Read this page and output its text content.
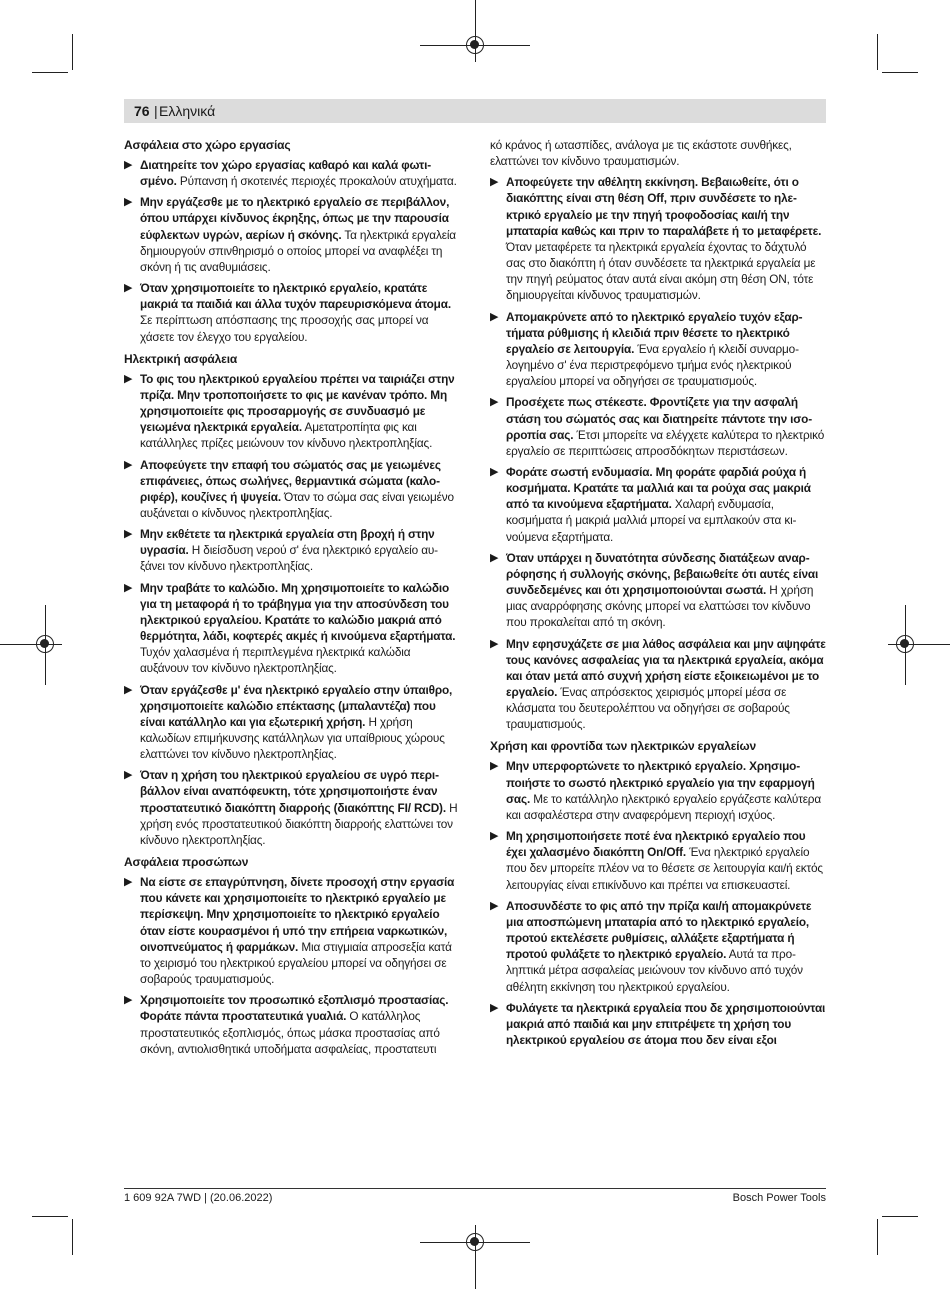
76 | Ελληνικά
Ασφάλεια στο χώρο εργασίας
▶ Διατηρείτε τον χώρο εργασίας καθαρό και καλά φωτισμένο. Ρύπανση ή σκοτεινές περιοχές προκαλούν ατυχήματα.
▶ Μην εργάζεσθε με το ηλεκτρικό εργαλείο σε περιβάλλον, όπου υπάρχει κίνδυνος έκρηξης, όπως με την παρουσία εύφλεκτων υγρών, αερίων ή σκόνης. Τα ηλεκτρικά εργαλεία δημιουργούν σπινθηρισμό ο οποίος μπορεί να αναφλέξει τη σκόνη ή τις αναθυμιάσεις.
▶ Όταν χρησιμοποιείτε το ηλεκτρικό εργαλείο, κρατάτε μακριά τα παιδιά και άλλα τυχόν παρευρισκόμενα άτομα. Σε περίπτωση απόσπασης της προσοχής σας μπορεί να χάσετε τον έλεγχο του εργαλείου.
Ηλεκτρική ασφάλεια
▶ Το φις του ηλεκτρικού εργαλείου πρέπει να ταιριάζει στην πρίζα. Μην τροποποιήσετε το φις με κανέναν τρόπο. Μη χρησιμοποιείτε φις προσαρμογής σε συνδυασμό με γειωμένα ηλεκτρικά εργαλεία. Αμετατροπίητα φις και κατάλληλες πρίζες μειώνουν τον κίνδυνο ηλεκτροπληξίας.
▶ Αποφεύγετε την επαφή του σώματός σας με γειωμένες επιφάνειες, όπως σωλήνες, θερμαντικά σώματα (καλοριφέρ), κουζίνες ή ψυγεία. Όταν το σώμα σας είναι γειωμένο αυξάνεται ο κίνδυνος ηλεκτροπληξίας.
▶ Μην εκθέτετε τα ηλεκτρικά εργαλεία στη βροχή ή στην υγρασία. Η διείσδυση νερού σ' ένα ηλεκτρικό εργαλείο αυξάνει τον κίνδυνο ηλεκτροπληξίας.
▶ Μην τραβάτε το καλώδιο. Μη χρησιμοποιείτε το καλώδιο για τη μεταφορά ή το τράβηγμα για την αποσύνδεση του ηλεκτρικού εργαλείου. Κρατάτε το καλώδιο μακριά από θερμότητα, λάδι, κοφτερές ακμές ή κινούμενα εξαρτήματα. Τυχόν χαλασμένα ή περιπλεγμένα ηλεκτρικά καλώδια αυξάνουν τον κίνδυνο ηλεκτροπληξίας.
▶ Όταν εργάζεσθε μ' ένα ηλεκτρικό εργαλείο στην ύπαιθρο, χρησιμοποιείτε καλώδιο επέκτασης (μπαλαντέζα) που είναι κατάλληλο και για εξωτερική χρήση. Η χρήση καλωδίων επιμήκυνσης κατάλληλων για υπαίθριους χώρους ελαττώνει τον κίνδυνο ηλεκτροπληξίας.
▶ Όταν η χρήση του ηλεκτρικού εργαλείου σε υγρό περιβάλλον είναι αναπόφευκτη, τότε χρησιμοποιήστε έναν προστατευτικό διακόπτη διαρροής (διακόπτης FI/ RCD). Η χρήση ενός προστατευτικού διακόπτη διαρροής ελαττώνει τον κίνδυνο ηλεκτροπληξίας.
Ασφάλεια προσώπων
▶ Να είστε σε επαγρύπνηση, δίνετε προσοχή στην εργασία που κάνετε και χρησιμοποιείτε το ηλεκτρικό εργαλείο με περίσκεψη. Μην χρησιμοποιείτε το ηλεκτρικό εργαλείο όταν είστε κουρασμένοι ή υπό την επήρεια ναρκωτικών, οινοπνεύματος ή φαρμάκων. Μια στιγμιαία απροσεξία κατά το χειρισμό του ηλεκτρικού εργαλείου μπορεί να οδηγήσει σε σοβαρούς τραυματισμούς.
▶ Χρησιμοποιείτε τον προσωπικό εξοπλισμό προστασίας. Φοράτε πάντα προστατευτικά γυαλιά. Ο κατάλληλος προστατευτικός εξοπλισμός, όπως μάσκα προστασίας από σκόνη, αντιολισθητικά υποδήματα ασφαλείας, προστατευτι
κό κράνος ή ωτασπίδες, ανάλογα με τις εκάστοτε συνθήκες, ελαττώνει τον κίνδυνο τραυματισμών.
▶ Αποφεύγετε την αθέλητη εκκίνηση. Βεβαιωθείτε, ότι ο διακόπτης είναι στη θέση Off, πριν συνδέσετε το ηλεκτρικό εργαλείο με την πηγή τροφοδοσίας και/ή την μπαταρία καθώς και πριν το παραλάβετε ή το μεταφέρετε. Όταν μεταφέρετε τα ηλεκτρικά εργαλεία έχοντας το δάχτυλό σας στο διακόπτη ή όταν συνδέσετε τα ηλεκτρικά εργαλεία με την πηγή ρεύματος όταν αυτά είναι ακόμη στη θέση ON, τότε δημιουργείται κίνδυνος τραυματισμών.
▶ Απομακρύνετε από το ηλεκτρικό εργαλείο τυχόν εξαρτήματα ρύθμισης ή κλειδιά πριν θέσετε το ηλεκτρικό εργαλείο σε λειτουργία. Ένα εργαλείο ή κλειδί συναρμολογημένο σ' ένα περιστρεφόμενο τμήμα ενός ηλεκτρικού εργαλείου μπορεί να οδηγήσει σε τραυματισμούς.
▶ Προσέχετε πως στέκεστε. Φροντίζετε για την ασφαλή στάση του σώματός σας και διατηρείτε πάντοτε την ισορροπία σας. Έτσι μπορείτε να ελέγχετε καλύτερα το ηλεκτρικό εργαλείο σε περιπτώσεις απροσδόκητων περιστάσεων.
▶ Φοράτε σωστή ενδυμασία. Μη φοράτε φαρδιά ρούχα ή κοσμήματα. Κρατάτε τα μαλλιά και τα ρούχα σας μακριά από τα κινούμενα εξαρτήματα. Χαλαρή ενδυμασία, κοσμήματα ή μακριά μαλλιά μπορεί να εμπλακούν στα κινούμενα εξαρτήματα.
▶ Όταν υπάρχει η δυνατότητα σύνδεσης διατάξεων αναρρόφησης ή συλλογής σκόνης, βεβαιωθείτε ότι αυτές είναι συνδεδεμένες και ότι χρησιμοποιούνται σωστά. Η χρήση μιας αναρρόφησης σκόνης μπορεί να ελαττώσει τον κίνδυνο που προκαλείται από τη σκόνη.
▶ Μην εφησυχάζετε σε μια λάθος ασφάλεια και μην αψηφάτε τους κανόνες ασφαλείας για τα ηλεκτρικά εργαλεία, ακόμα και όταν μετά από συχνή χρήση είστε εξοικειωμένοι με το εργαλείο. Ένας απρόσεκτος χειρισμός μπορεί μέσα σε κλάσματα του δευτερολέπτου να οδηγήσει σε σοβαρούς τραυματισμούς.
Χρήση και φροντίδα των ηλεκτρικών εργαλείων
▶ Μην υπερφορτώνετε το ηλεκτρικό εργαλείο. Χρησιμοποιήστε το σωστό ηλεκτρικό εργαλείο για την εφαρμογή σας. Με το κατάλληλο ηλεκτρικό εργαλείο εργάζεστε καλύτερα και ασφαλέστερα στην αναφερόμενη περιοχή ισχύος.
▶ Μη χρησιμοποιήσετε ποτέ ένα ηλεκτρικό εργαλείο που έχει χαλασμένο διακόπτη On/Off. Ένα ηλεκτρικό εργαλείο που δεν μπορείτε πλέον να το θέσετε σε λειτουργία και/ή εκτός λειτουργίας είναι επικίνδυνο και πρέπει να επισκευαστεί.
▶ Αποσυνδέστε το φις από την πρίζα και/ή απομακρύνετε μια αποσπώμενη μπαταρία από το ηλεκτρικό εργαλείο, προτού εκτελέσετε ρυθμίσεις, αλλάξετε εξαρτήματα ή προτού φυλάξετε το ηλεκτρικό εργαλείο. Αυτά τα προληπτικά μέτρα ασφαλείας μειώνουν τον κίνδυνο από τυχόν αθέλητη εκκίνηση του ηλεκτρικού εργαλείου.
▶ Φυλάγετε τα ηλεκτρικά εργαλεία που δε χρησιμοποιούνται μακριά από παιδιά και μην επιτρέψετε τη χρήση του ηλεκτρικού εργαλείου σε άτομα που δεν είναι εξοι
1 609 92A 7WD | (20.06.2022)	Bosch Power Tools
